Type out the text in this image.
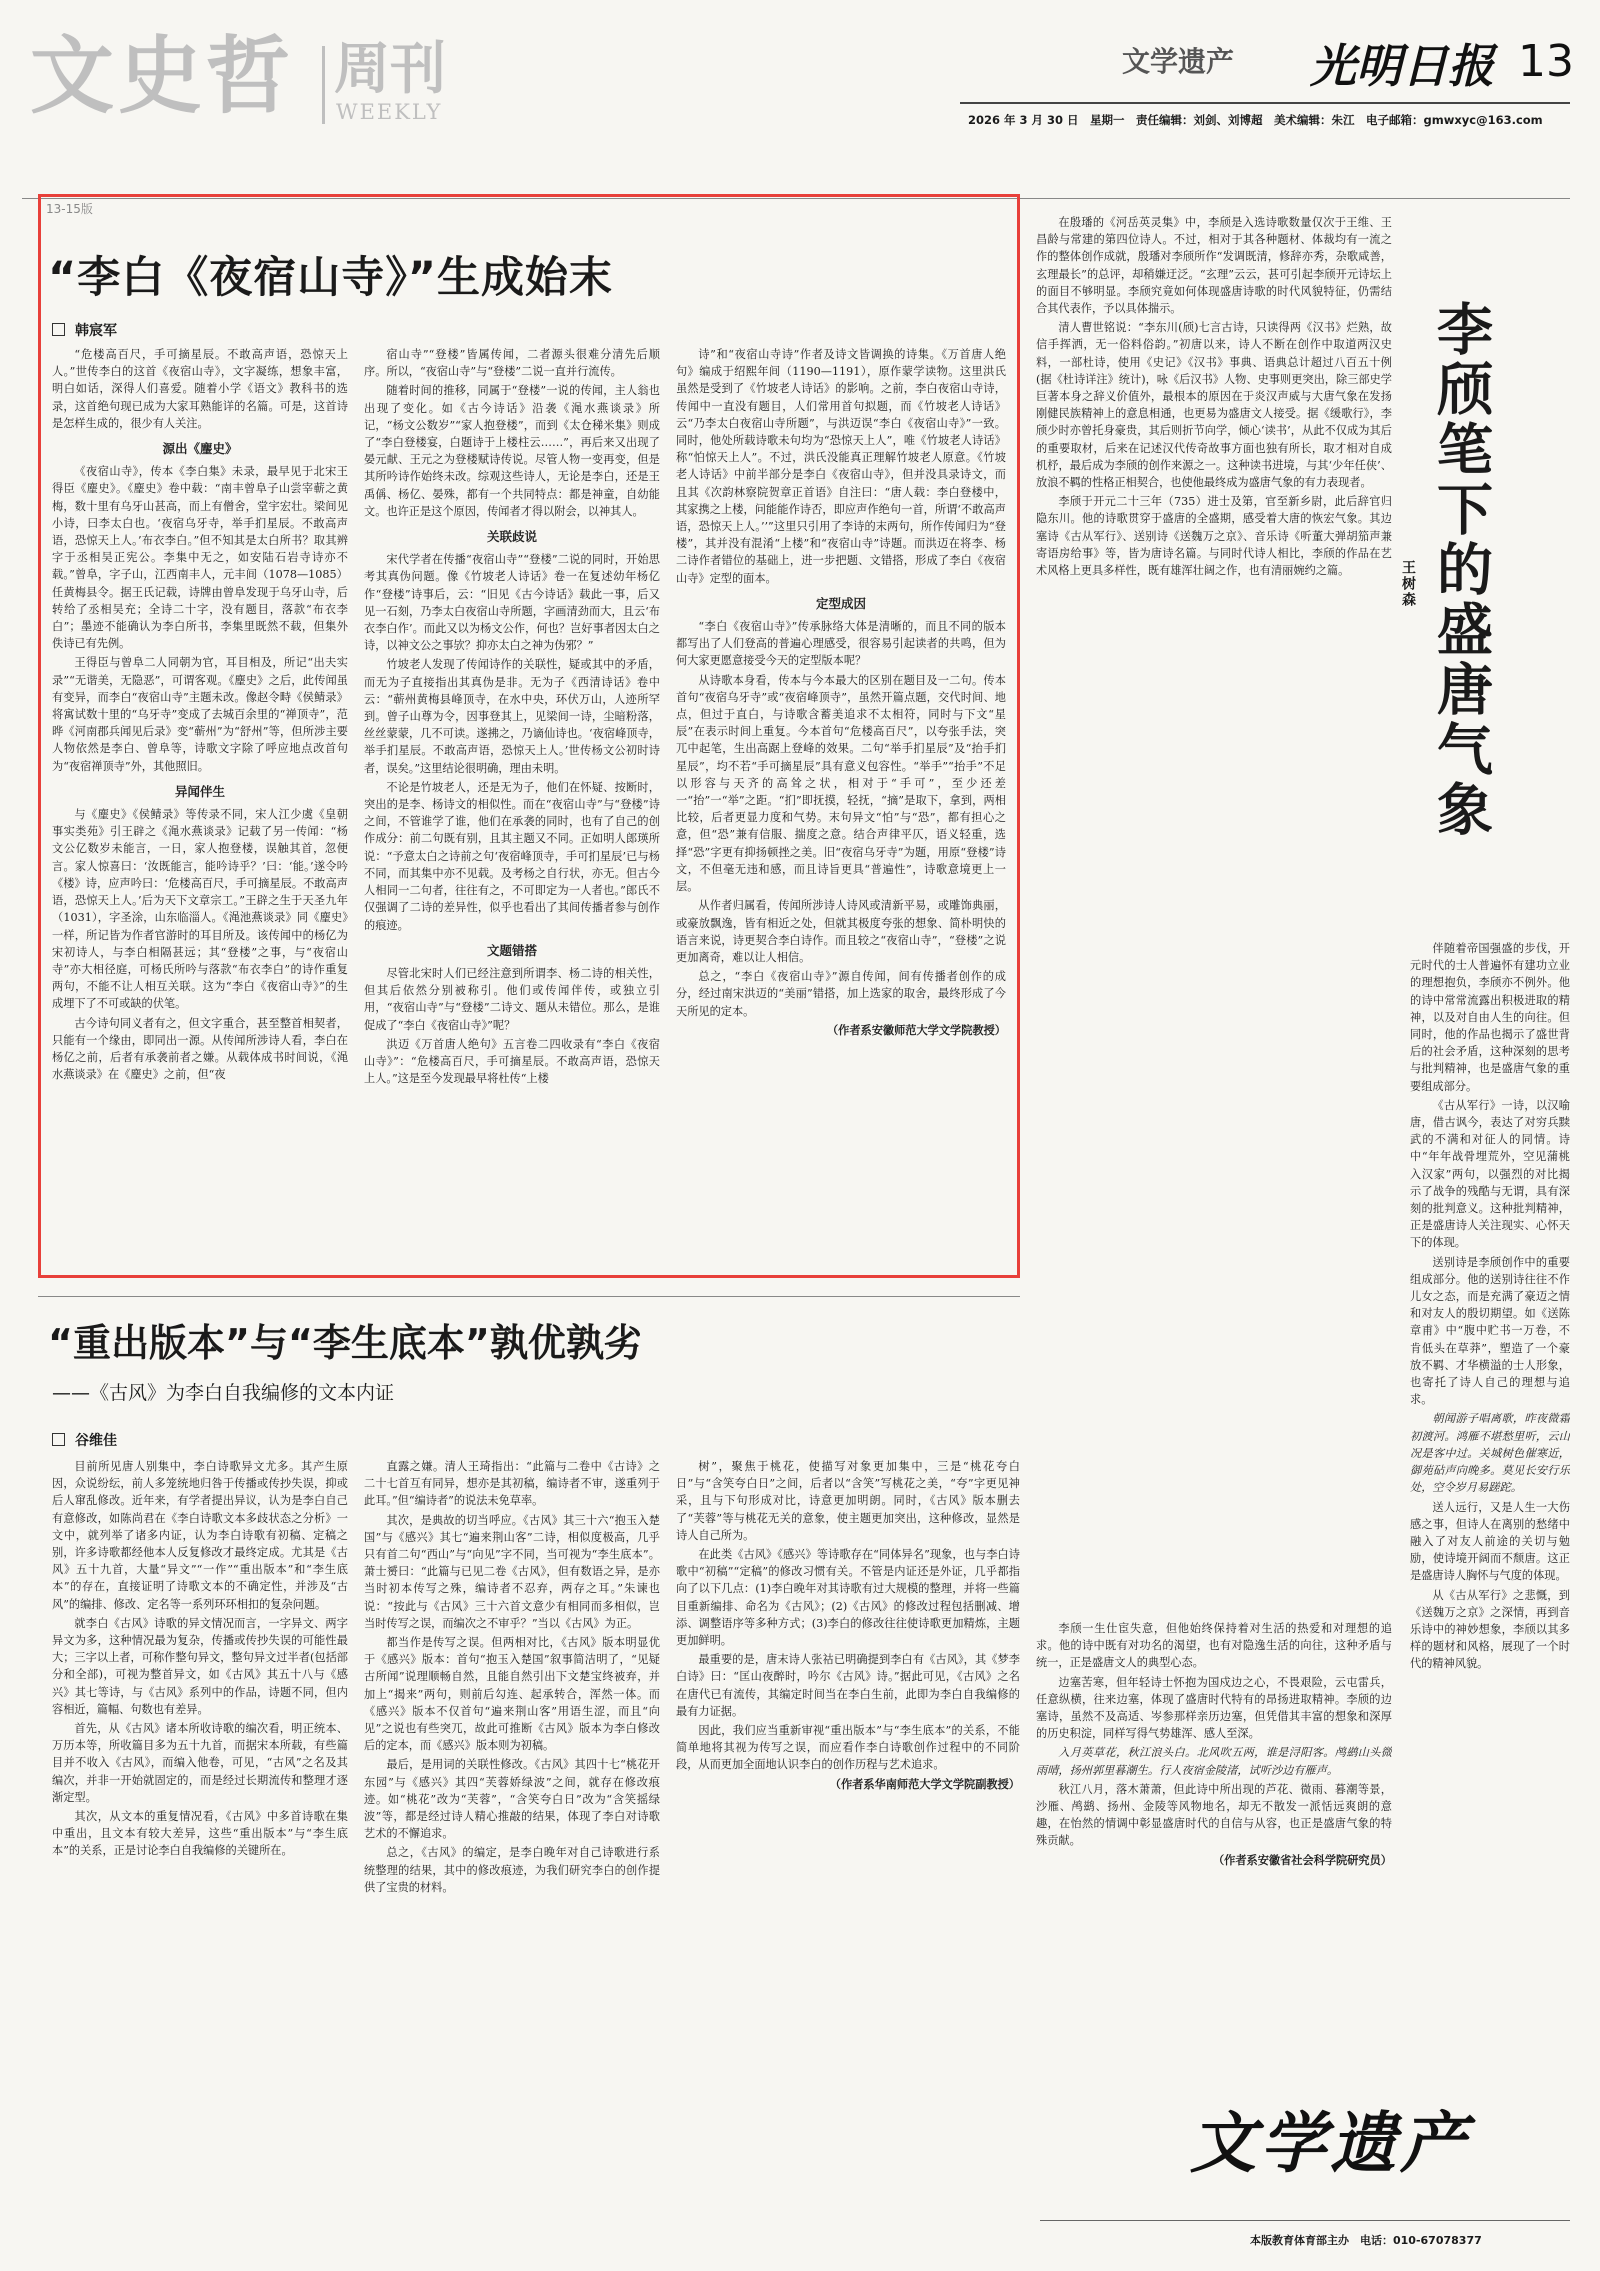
文史哲 周刊
WEEKLY
文学遗产 光明日报 13
2026 年 3 月 30 日　星期一　责任编辑：刘剑、刘博超　美术编辑：朱江　电子邮箱：gmwxyc@163.com
13-15版
“李白《夜宿山寺》”生成始末
韩宸军

“危楼高百尺，手可摘星辰。不敢高声语，恐惊天上人。”世传李白的这首《夜宿山寺》，文字凝练，想象丰富，明白如话，深得人们喜爱。随着小学《语文》教科书的选录，这首绝句现已成为大家耳熟能详的名篇。可是，这首诗是怎样生成的，很少有人关注。

源出《麈史》

《夜宿山寺》，传本《李白集》未录，最早见于北宋王得臣《麈史》。《麈史》卷中载：“南丰曾阜子山尝宰蕲之黄梅，数十里有乌牙山甚高，而上有僧舍，堂宇宏壮。梁间见小诗，曰李太白也。‘夜宿乌牙寺，举手扪星辰。不敢高声语，恐惊天上人。’布衣李白。”但不知其是太白所书？取其辨字于丞相吴正宪公。李集中无之，如安陆石岩寺诗亦不载。”曾阜，字子山，江西南丰人，元丰间（1078—1085）任黄梅县令。据王氏记载，诗牌由曾阜发现于乌牙山寺，后转给了丞相吴充；全诗二十字，没有题目，落款“布衣李白”；墨迹不能确认为李白所书，李集里既然不载，但集外佚诗已有先例。

王得臣与曾阜二人同朝为官，耳目相及，所记“出夫实录”“无谐美，无隐恶”，可谓客观。《麈史》之后，此传闻虽有变异，而李白“夜宿山寺”主题未改。像赵令畤《侯鲭录》将寓试数十里的“乌牙寺”变成了去城百余里的“禅顶寺”，范晔《河南郡兵闻见后录》变“蕲州”为“舒州”等，但所涉主要人物依然是李白、曾阜等，诗歌文字除了呼应地点改首句为“夜宿禅顶寺”外，其他照旧。

异闻伴生

与《麈史》《侯鲭录》等传录不同，宋人江少虞《皇朝事实类苑》引王辟之《渑水燕谈录》记载了另一传闻：“杨文公亿数岁未能言，一日，家人抱登楼，误触其首，忽便言。家人惊喜曰：‘汝既能言，能吟诗乎？’曰：‘能。’遂令吟《楼》诗，应声吟曰：‘危楼高百尺，手可摘星辰。不敢高声语，恐惊天上人。’后为天下文章宗工。”王辟之生于天圣九年（1031），字圣涂，山东临淄人。《渑池燕谈录》同《麈史》一样，所记皆为作者官游时的耳目所及。该传闻中的杨亿为宋初诗人，与李白相隔甚远；其“登楼”之事，与“夜宿山寺”亦大相径庭，可杨氏所吟与落款“布衣李白”的诗作重复两句，不能不让人相互关联。这为“李白《夜宿山寺》”的生成埋下了不可或缺的伏笔。

古今诗句同义者有之，但文字重合，甚至整首相契者，只能有一个缘由，即同出一源。从传闻所涉诗人看，李白在杨亿之前，后者有承袭前者之嫌。从载体成书时间说，《渑水燕谈录》在《麈史》之前，但“夜

宿山寺”“登楼”皆属传闻，二者源头很难分清先后顺序。所以，“夜宿山寺”与“登楼”二说一直并行流传。

随着时间的推移，同属于“登楼”一说的传闻，主人翁也出现了变化。如《古今诗话》沿袭《渑水燕谈录》所记，“杨文公数岁”“家人抱登楼”，而到《太仓稊米集》则成了“李白登楼宴，白题诗于上楼柱云……”，再后来又出现了晏元献、王元之为登楼赋诗传说。尽管人物一变再变，但是其所吟诗作始终未改。综观这些诗人，无论是李白，还是王禹偁、杨亿、晏殊，都有一个共同特点：都是神童，自幼能文。也许正是这个原因，传闻者才得以附会，以神其人。

关联歧说

宋代学者在传播“夜宿山寺”“登楼”二说的同时，开始思考其真伪问题。像《竹坡老人诗话》卷一在复述幼年杨亿作“登楼”诗事后，云：“旧见《古今诗话》载此一事，后又见一石刻，乃李太白夜宿山寺所题，字画清劲而大，且云‘布衣李白作’。而此又以为杨文公作，何也？岂好事者因太白之诗，以神文公之事欤？抑亦太白之神为伪邪？”

竹坡老人发现了传闻诗作的关联性，疑或其中的矛盾，而无为子直接指出其真伪是非。无为子《西清诗话》卷中云：“蕲州黄梅县峰顶寺，在水中央，环伏万山，人迹所罕到。曾子山尊为令，因事登其上，见梁间一诗，尘暗粉落，丝丝蒙蒙，几不可读。遂拂之，乃谪仙诗也。‘夜宿峰顶寺，举手扪星辰。不敢高声语，恐惊天上人。’世传杨文公初时诗者，误矣。”这里结论很明确，理由未明。

不论是竹坡老人，还是无为子，他们在怀疑、按断时，突出的是李、杨诗文的相似性。而在“夜宿山寺”与“登楼”诗之间，不管谁学了谁，他们在承袭的同时，也有了自己的创作成分：前二句既有别，且其主题又不同。正如明人郎瑛所说：“予意太白之诗前之句‘夜宿峰顶寺，手可扪星辰’已与杨不同，而其集中亦不见载。及考杨之自行状，亦无。但古今人相同一二句者，往往有之，不可即定为一人者也。”郎氏不仅强调了二诗的差异性，似乎也看出了其间传播者参与创作的痕迹。

文题错搭

尽管北宋时人们已经注意到所谓李、杨二诗的相关性，但其后依然分别被称引。他们或传闻伴传，或独立引用，“夜宿山寺”与“登楼”二诗文、题从未错位。那么，是谁促成了“李白《夜宿山寺》”呢？

洪迈《万首唐人绝句》五言卷二四收录有“李白《夜宿山寺》”：“危楼高百尺，手可摘星辰。不敢高声语，恐惊天上人。”这是至今发现最早将杜传“上楼

诗”和“夜宿山寺诗”作者及诗文皆调换的诗集。《万首唐人绝句》编成于绍熙年间（1190—1191），原作蒙学读物。这里洪氏虽然是受到了《竹坡老人诗话》的影响。之前，李白夜宿山寺诗，传闻中一直没有题目，人们常用首句拟题，而《竹坡老人诗话》云“乃李太白夜宿山寺所题”，与洪迈误“李白《夜宿山寺》”一致。同时，他处所载诗歌未句均为“恐惊天上人”，唯《竹坡老人诗话》称“怕惊天上人”。不过，洪氏没能真正理解竹坡老人原意。《竹坡老人诗话》中前半部分是李白《夜宿山寺》，但并没具录诗文，而且其《次韵林察院贺章正首语》自注曰：“唐人载：李白登楼中，其家携之上楼，问能能作诗否，即应声作绝句一首，所谓‘不敢高声语，恐惊天上人。’’”这里只引用了李诗的末两句，所作传闻归为“登楼”，其并没有混淆“上楼”和“夜宿山寺”诗题。而洪迈在将李、杨二诗作者错位的基础上，进一步把题、文错搭，形成了李白《夜宿山寺》定型的面本。

定型成因

“李白《夜宿山寺》”传承脉络大体是清晰的，而且不同的版本都写出了人们登高的普遍心理感受，很容易引起读者的共鸣，但为何大家更愿意接受今天的定型版本呢？

从诗歌本身看，传本与今本最大的区别在题目及一二句。传本首句“夜宿乌牙寺”或“夜宿峰顶寺”，虽然开篇点题，交代时间、地点，但过于直白，与诗歌含蓄美追求不太相符，同时与下文“星辰”在表示时间上重复。今本首句“危楼高百尺”，以夸张手法，突兀中起笔，生出高踞上登峰的效果。二句“举手扪星辰”及“抬手扪星辰”，均不若“手可摘星辰”具有意义包容性。“举手”“抬手”不足以形容与天齐的高耸之状，相对于“手可”，至少还差一“抬”一“举”之距。“扪”即抚摸，轻抚，“摘”是取下，拿到，两相比较，后者更显力度和气势。末句异文“怕”与“恐”，都有担心之意，但“恐”兼有信服、揣度之意。结合声律平仄，语义轻重，选择“恐”字更有抑扬顿挫之美。旧“夜宿乌牙寺”为题，用原“登楼”诗文，不但毫无违和感，而且诗旨更具“普遍性”，诗歌意境更上一层。

从作者归属看，传闻所涉诗人诗风或清新平易，或雕饰典丽，或豪放飘逸，皆有相近之处，但就其极度夸张的想象、简朴明快的语言来说，诗更契合李白诗作。而且较之“夜宿山寺”，“登楼”之说更加离奇，难以让人相信。

总之，“李白《夜宿山寺》”源自传闻，间有传播者创作的成分，经过南宋洪迈的“美丽”错搭，加上选家的取舍，最终形成了今天所见的定本。

（作者系安徽师范大学文学院教授）

在殷璠的《河岳英灵集》中，李颀是入选诗歌数量仅次于王维、王昌龄与常建的第四位诗人。不过，相对于其各种题材、体裁均有一流之作的整体创作成就，殷璠对李颀所作“发调既清，修辞亦秀，杂歌咸善，玄理最长”的总评，却稍嫌迂泛。“玄理”云云，甚可引起李颀开元诗坛上的面目不够明显。李颀究竟如何体现盛唐诗歌的时代风貌特征，仍需结合其代表作，予以具体揣示。

清人曹世铭说：“李东川(颀)七言古诗，只读得两《汉书》烂熟，故信手挥洒，无一俗料俗韵。”初唐以来，诗人不断在创作中取道两汉史料，一部杜诗，使用《史记》《汉书》事典、语典总计超过八百五十例(据《杜诗详注》统计)，咏《后汉书》人物、史事则更突出，除三部史学巨著本身之辞义价值外，最根本的原因在于炎汉声威与大唐气象在发扬刚健民族精神上的意息相通，也更易为盛唐文人接受。据《缓歌行》，李颀少时亦曾托身豪贵，其后则折节向学，倾心‘读书’，从此不仅成为其后的重要取材，后来在记述汉代传奇故事方面也独有所长，取才相对自成机杼，最后成为李颀的创作来源之一。这种读书进境，与其‘少年任侠’、放浪不羁的性格正相契合，也使他最终成为盛唐气象的有力表现者。

李颀于开元二十三年（735）进士及第，官至新乡尉，此后辞官归隐东川。他的诗歌贯穿于盛唐的全盛期，感受着大唐的恢宏气象。其边塞诗《古从军行》、送别诗《送魏万之京》、音乐诗《听董大弹胡笳声兼寄语房给事》等，皆为唐诗名篇。与同时代诗人相比，李颀的作品在艺术风格上更具多样性，既有雄浑壮阔之作，也有清丽婉约之篇。	李颀笔下的盛唐气象
王树森

伴随着帝国强盛的步伐，开元时代的士人普遍怀有建功立业的理想抱负，李颀亦不例外。他的诗中常常流露出积极进取的精神，以及对自由人生的向往。但同时，他的作品也揭示了盛世背后的社会矛盾，这种深刻的思考与批判精神，也是盛唐气象的重要组成部分。

《古从军行》一诗，以汉喻唐，借古讽今，表达了对穷兵黩武的不满和对征人的同情。诗中“年年战骨埋荒外，空见蒲桃入汉家”两句，以强烈的对比揭示了战争的残酷与无谓，具有深刻的批判意义。这种批判精神，正是盛唐诗人关注现实、心怀天下的体现。

送别诗是李颀创作中的重要组成部分。他的送别诗往往不作儿女之态，而是充满了豪迈之情和对友人的殷切期望。如《送陈章甫》中“腹中贮书一万卷，不肯低头在草莽”，塑造了一个豪放不羁、才华横溢的士人形象，也寄托了诗人自己的理想与追求。

朝闻游子唱离歌，昨夜微霜初渡河。鸿雁不堪愁里听，云山况是客中过。关城树色催寒近，御苑砧声向晚多。莫见长安行乐处，空令岁月易蹉跎。

送人远行，又是人生一大伤感之事，但诗人在离别的愁绪中融入了对友人前途的关切与勉励，使诗境开阔而不颓唐。这正是盛唐诗人胸怀与气度的体现。

从《古从军行》之悲慨，到《送魏万之京》之深情，再到音乐诗中的神妙想象，李颀以其多样的题材和风格，展现了一个时代的精神风貌。

李颀一生仕宦失意，但他始终保持着对生活的热爱和对理想的追求。他的诗中既有对功名的渴望，也有对隐逸生活的向往，这种矛盾与统一，正是盛唐文人的典型心态。

边塞苦寒，但年轻诗士怀抱为国戍边之心，不畏艰险，云屯雷兵，任意纵横，往来边塞，体现了盛唐时代特有的昂扬进取精神。李颀的边塞诗，虽然不及高适、岑参那样亲历边塞，但凭借其丰富的想象和深厚的历史积淀，同样写得气势雄浑、感人至深。

入月英草花，秋江浪头白。北风吹五两，谁是浔阳客。鸬鹚山头微雨晴，扬州郭里暮潮生。行人夜宿金陵渚，试听沙边有雁声。

秋江八月，落木萧萧，但此诗中所出现的芦花、微雨、暮潮等景，沙雁、鸬鹚、扬州、金陵等风物地名，却无不散发一派恬远爽朗的意趣，在怡然的情调中彰显盛唐时代的自信与从容，也正是盛唐气象的特殊贡献。

（作者系安徽省社会科学院研究员）

“重出版本”与“李生底本”孰优孰劣
——《古风》为李白自我编修的文本内证
谷维佳

目前所见唐人别集中，李白诗歌异文尤多。其产生原因，众说纷纭，前人多笼统地归咎于传播或传抄失误，抑或后人窜乱修改。近年来，有学者提出异议，认为是李白自己有意修改，如陈尚君在《李白诗歌文本多歧状态之分析》一文中，就列举了诸多内证，认为李白诗歌有初稿、定稿之别，许多诗歌都经他本人反复修改才最终定成。尤其是《古风》五十九首，大量“异文”“一作”“重出版本”和“李生底本”的存在，直接证明了诗歌文本的不确定性，并涉及“古风”的编排、修改、定名等一系列环环相扣的复杂问题。

就李白《古风》诗歌的异文情况而言，一字异文、两字异文为多，这种情况最为复杂，传播或传抄失误的可能性最大；三字以上者，可称作整句异文，整句异文过半者(包括部分和全部)，可视为整首异文，如《古风》其五十八与《感兴》其七等诗，与《古风》系列中的作品，诗题不同，但内容相近，篇幅、句数也有差异。

首先，从《古风》诸本所收诗歌的编次看，明正统本、万历本等，所收篇目多为五十九首，而据宋本所载，有些篇目并不收入《古风》，而编入他卷，可见，“古风”之名及其编次，并非一开始就固定的，而是经过长期流传和整理才逐渐定型。

其次，从文本的重复情况看，《古风》中多首诗歌在集中重出，且文本有较大差异，这些“重出版本”与“李生底本”的关系，正是讨论李白自我编修的关键所在。

直露之嫌。清人王琦指出：“此篇与二卷中《古诗》之二十七首互有同异，想亦是其初稿，编诗者不审，遂重列于此耳。”但“编诗者”的说法未免草率。

其次，是典故的切当呼应。《古风》其三十六“抱玉入楚国”与《感兴》其七“遍来荆山客”二诗，相似度极高，几乎只有首二句“西山”与“向见”字不同，当可视为“李生底本”。萧士赟曰：“此篇与已见二卷《古风》，但有数语之异，是亦当时初本传写之殊，编诗者不忍弃，两存之耳。”朱谏也说：“按此与《古风》三十六首文意少有相同而多相似，岂当时传写之误，而编次之不审乎？”当以《古风》为正。

都当作是传写之误。但两相对比，《古风》版本明显优于《感兴》版本：首句“抱玉入楚国”叙事简洁明了，“见疑古所闻”说理顺畅自然，且能自然引出下文楚宝终被弃，并加上“揭来”两句，则前后勾连、起承转合，浑然一体。而《感兴》版本不仅首句“遍来荆山客”用语生涩，而且“向见”之说也有些突兀，故此可推断《古风》版本为李白修改后的定本，而《感兴》版本则为初稿。

最后，是用词的关联性修改。《古风》其四十七“桃花开东园”与《感兴》其四“芙蓉娇绿波”之间，就存在修改痕迹。如“桃花”改为“芙蓉”，“含笑夸白日”改为“含笑摇绿波”等，都是经过诗人精心推敲的结果，体现了李白对诗歌艺术的不懈追求。

总之，《古风》的编定，是李白晚年对自己诗歌进行系统整理的结果，其中的修改痕迹，为我们研究李白的创作提供了宝贵的材料。

树”，聚焦于桃花，使描写对象更加集中，三是“桃花夸白日”与“含笑夸白日”之间，后者以“含笑”写桃花之美，“夸”字更见神采，且与下句形成对比，诗意更加明朗。同时，《古风》版本删去了“芙蓉”等与桃花无关的意象，使主题更加突出，这种修改，显然是诗人自己所为。

在此类《古风》《感兴》等诗歌存在“同体异名”现象，也与李白诗歌中“初稿”“定稿”的修改习惯有关。不管是内证还是外证，几乎都指向了以下几点：(1)李白晚年对其诗歌有过大规模的整理，并将一些篇目重新编排、命名为《古风》；(2)《古风》的修改过程包括删减、增添、调整语序等多种方式；(3)李白的修改往往使诗歌更加精炼，主题更加鲜明。

最重要的是，唐末诗人张祜已明确提到李白有《古风》，其《梦李白诗》曰：“匡山夜醉时，吟尔《古风》诗。”据此可见，《古风》之名在唐代已有流传，其编定时间当在李白生前，此即为李白自我编修的最有力证据。

因此，我们应当重新审视“重出版本”与“李生底本”的关系，不能简单地将其视为传写之误，而应看作李白诗歌创作过程中的不同阶段，从而更加全面地认识李白的创作历程与艺术追求。

（作者系华南师范大学文学院副教授）

文学遗产
本版教育体育部主办　电话：010-67078377
